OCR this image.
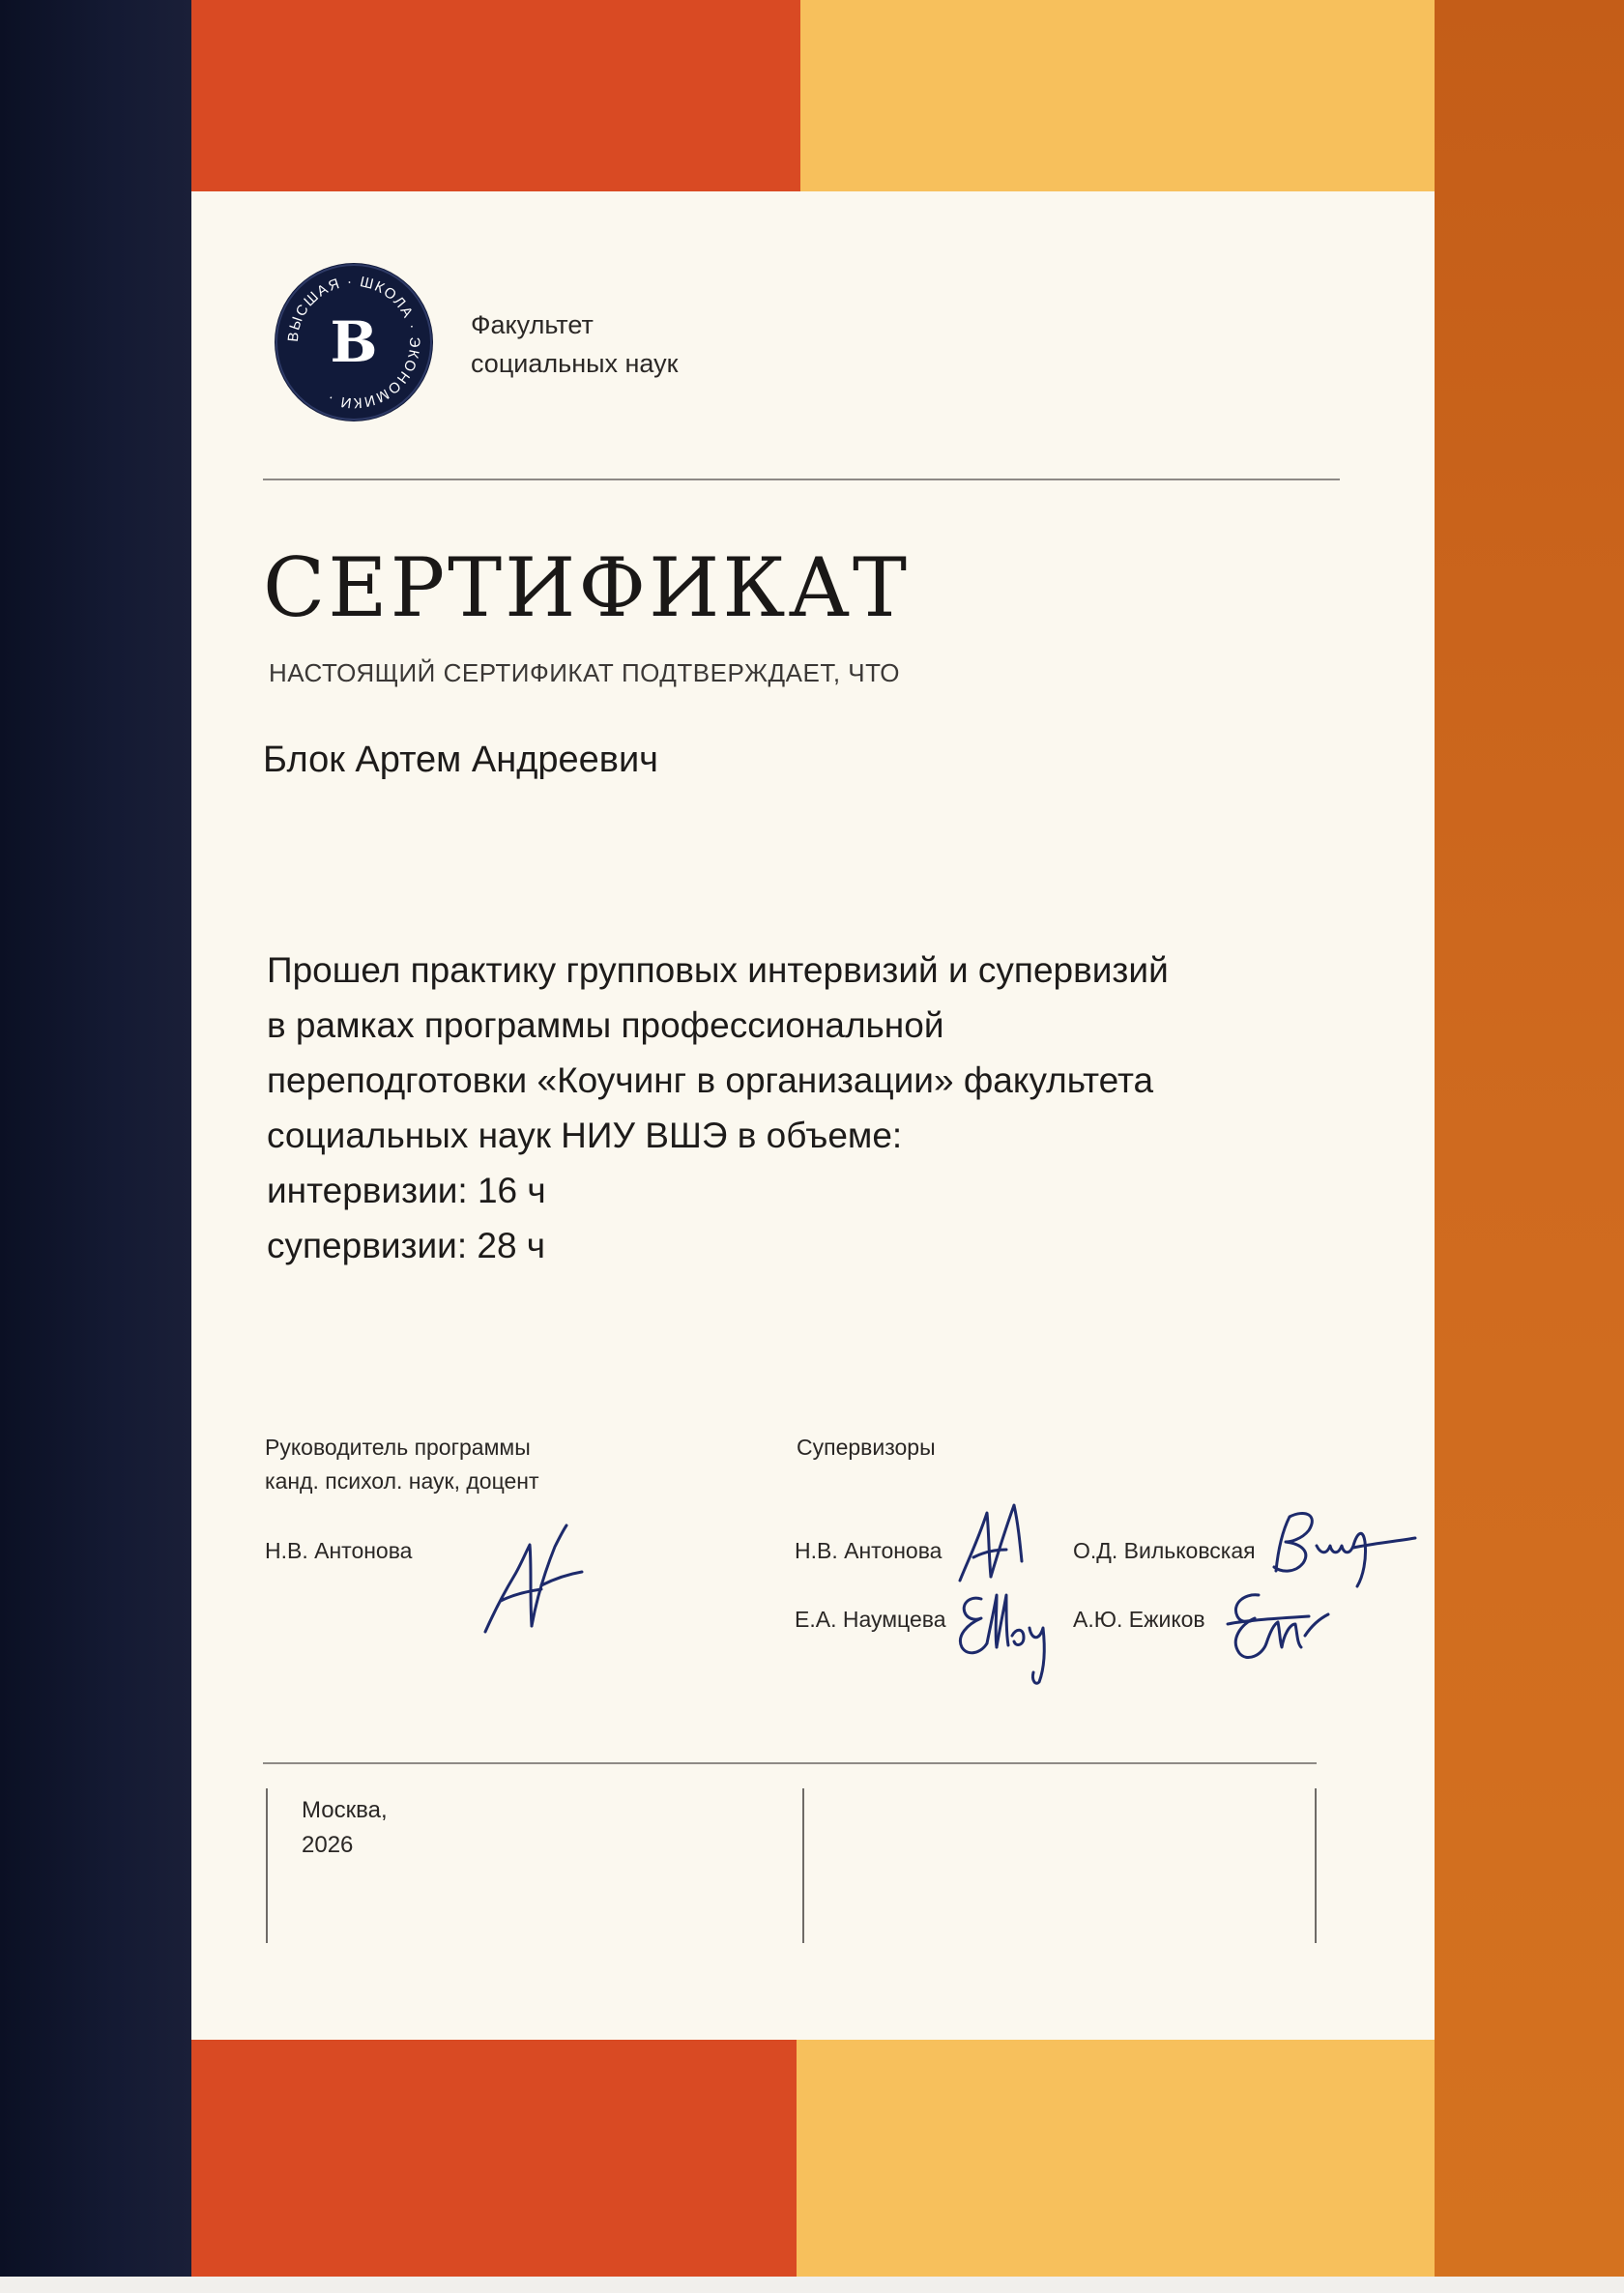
ВЫСШАЯ · ШКОЛА · ЭКОНОМИКИ ·
В	Факультет
социальных наук
СЕРТИФИКАТ
НАСТОЯЩИЙ СЕРТИФИКАТ ПОДТВЕРЖДАЕТ, ЧТО
Блок Артем Андреевич
Прошел практику групповых интервизий и супервизий
в рамках программы профессиональной
переподготовки «Коучинг в организации» факультета
социальных наук НИУ ВШЭ в объеме:
интервизии: 16 ч
супервизии: 28 ч
Руководитель программы
канд. психол. наук, доцент
Н.В. Антонова
Супервизоры
Н.В. Антонова
Е.А. Наумцева
О.Д. Вильковская
А.Ю. Ежиков
Москва,
2026
